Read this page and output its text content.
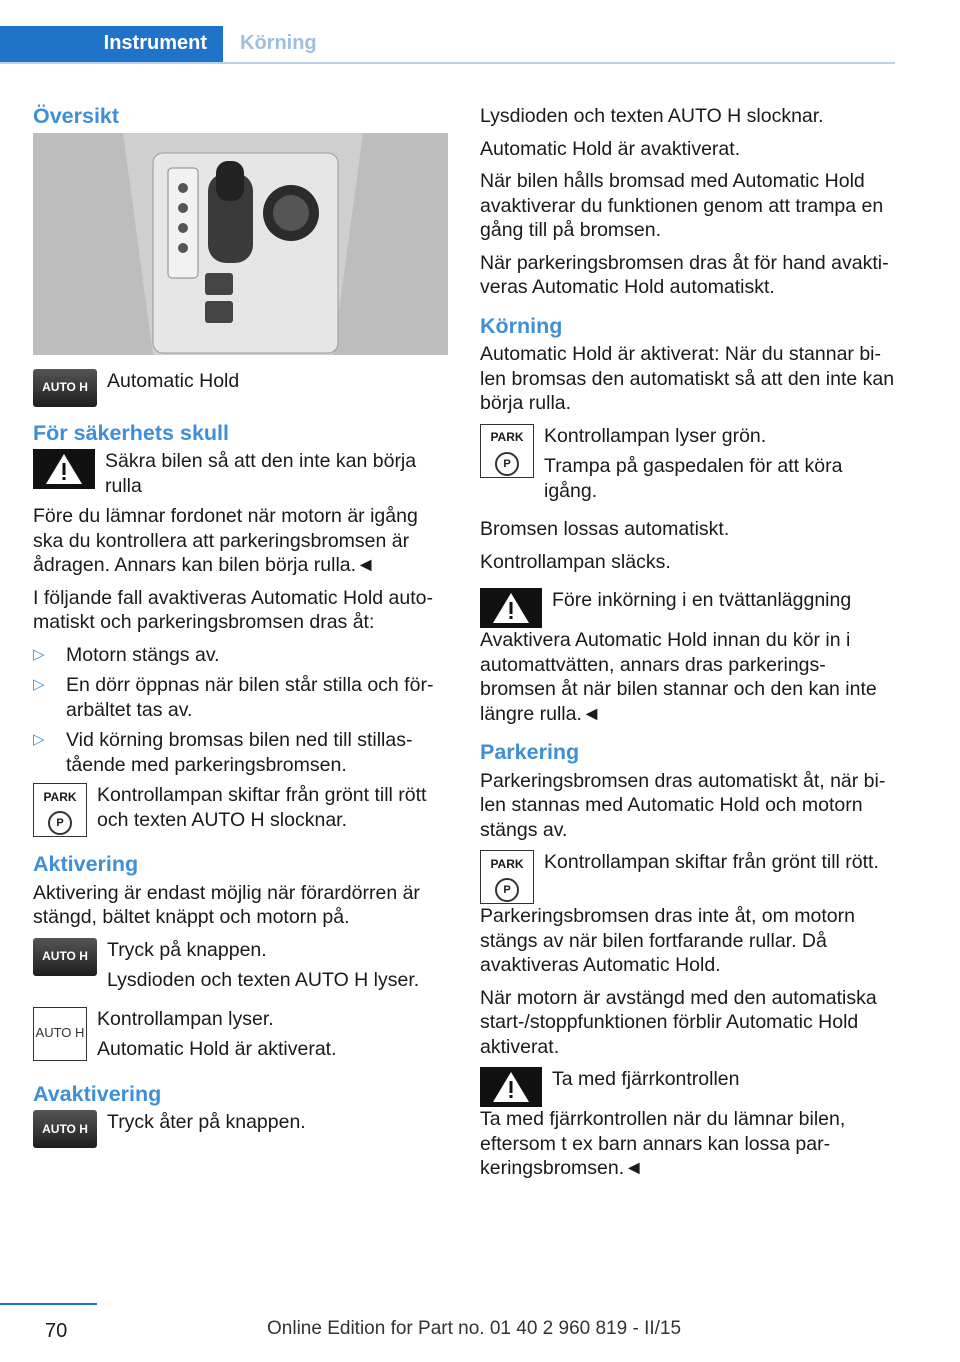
Instrument	Körning
Översikt
AUTO H Automatic Hold

För säkerhets skull

Säkra bilen så att den inte kan börja rulla

Före du lämnar fordonet när motorn är igång ska du kontrollera att parkeringsbromsen är ådragen. Annars kan bilen börja rulla.◄

I följande fall avaktiveras Automatic Hold automatiskt och parkeringsbromsen dras åt:

▷ Motorn stängs av.
▷ En dörr öppnas när bilen står stilla och förarbältet tas av.
▷ Vid körning bromsas bilen ned till stillastående med parkeringsbromsen.
PARK
P

Kontrollampan skiftar från grönt till rött och texten AUTO H slocknar.

Aktivering

Aktivering är endast möjlig när förardörren är stängd, bältet knäppt och motorn på.

AUTO H Tryck på knappen.

Lysdioden och texten AUTO H lyser.

AUTO H

Kontrollampan lyser.

Automatic Hold är aktiverat.

Avaktivering
AUTO H Tryck åter på knappen.

Lysdioden och texten AUTO H slocknar.

Automatic Hold är avaktiverat.

När bilen hålls bromsad med Automatic Hold avaktiverar du funktionen genom att trampa en gång till på bromsen.

När parkeringsbromsen dras åt för hand avaktiveras Automatic Hold automatiskt.

Körning

Automatic Hold är aktiverat: När du stannar bilen bromsas den automatiskt så att den inte kan börja rulla.

PARK
P

Kontrollampan lyser grön.

Trampa på gaspedalen för att köra igång.

Bromsen lossas automatiskt.

Kontrollampan släcks.

Före inkörning i en tvättanläggning

Avaktivera Automatic Hold innan du kör in i automattvätten, annars dras parkeringsbromsen åt när bilen stannar och den kan inte längre rulla.◄

Parkering

Parkeringsbromsen dras automatiskt åt, när bilen stannas med Automatic Hold och motorn stängs av.

PARK
P

Kontrollampan skiftar från grönt till rött.

Parkeringsbromsen dras inte åt, om motorn stängs av när bilen fortfarande rullar. Då avaktiveras Automatic Hold.

När motorn är avstängd med den automatiska start-/stoppfunktionen förblir Automatic Hold aktiverat.

Ta med fjärrkontrollen

Ta med fjärrkontrollen när du lämnar bilen, eftersom t ex barn annars kan lossa parkeringsbromsen.◄

70	Online Edition for Part no. 01 40 2 960 819 - II/15
